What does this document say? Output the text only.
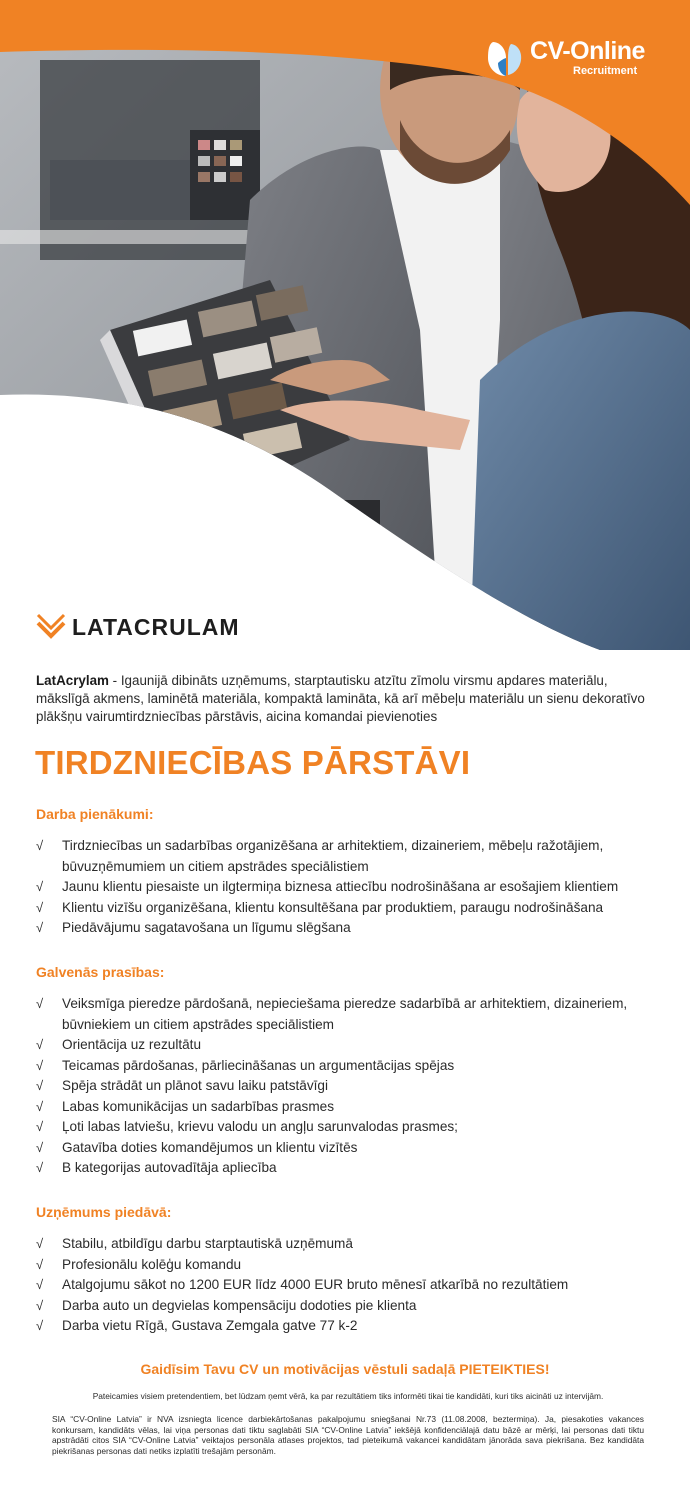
CV-Online
Recruitment
LATACRULAM
LatAcrylam - Igaunijā dibināts uzņēmums, starptautisku atzītu zīmolu virsmu apdares materiālu, mākslīgā akmens, laminētā materiāla, kompaktā lamināta, kā arī mēbeļu materiālu un sienu dekoratīvo plākšņu vairumtirdzniecības pārstāvis, aicina komandai pievienoties
TIRDZNIECĪBAS PĀRSTĀVI
Darba pienākumi:
√ Tirdzniecības un sadarbības organizēšana ar arhitektiem, dizaineriem, mēbeļu ražotājiem, būvuzņēmumiem un citiem apstrādes speciālistiem
√ Jaunu klientu piesaiste un ilgtermiņa biznesa attiecību nodrošināšana ar esošajiem klientiem
√ Klientu vizīšu organizēšana, klientu konsultēšana par produktiem, paraugu nodrošināšana
√ Piedāvājumu sagatavošana un līgumu slēgšana
Galvenās prasības:
√ Veiksmīga pieredze pārdošanā, nepieciešama pieredze sadarbībā ar arhitektiem, dizaineriem, būvniekiem un citiem apstrādes speciālistiem
√ Orientācija uz rezultātu
√ Teicamas pārdošanas, pārliecināšanas un argumentācijas spējas
√ Spēja strādāt un plānot savu laiku patstāvīgi
√ Labas komunikācijas un sadarbības prasmes
√ Ļoti labas latviešu, krievu valodu un angļu sarunvalodas prasmes;
√ Gatavība doties komandējumos un klientu vizītēs
√ B kategorijas autovadītāja apliecība
Uzņēmums piedāvā:
√ Stabilu, atbildīgu darbu starptautiskā uzņēmumā
√ Profesionālu kolēģu komandu
√ Atalgojumu sākot no 1200 EUR līdz 4000 EUR bruto mēnesī atkarībā no rezultātiem
√ Darba auto un degvielas kompensāciju dodoties pie klienta
√ Darba vietu Rīgā, Gustava Zemgala gatve 77 k-2
Gaidīsim Tavu CV un motivācijas vēstuli sadaļā PIETEIKTIES!
Pateicamies visiem pretendentiem, bet lūdzam ņemt vērā, ka par rezultātiem tiks informēti tikai tie kandidāti, kuri tiks aicināti uz intervijām.
SIA “CV-Online Latvia” ir NVA izsniegta licence darbiekārtošanas pakalpojumu sniegšanai Nr.73 (11.08.2008, beztermiņa). Ja, piesakoties vakances konkursam, kandidāts vēlas, lai viņa personas dati tiktu saglabāti SIA “CV-Online Latvia” iekšējā konfidenciālajā datu bāzē ar mērķi, lai personas dati tiktu apstrādāti citos SIA “CV-Online Latvia” veiktajos personāla atlases projektos, tad pieteikumā vakancei kandidātam jānorāda sava piekrišana. Bez kandidāta piekrišanas personas dati netiks izplatīti trešajām personām.
